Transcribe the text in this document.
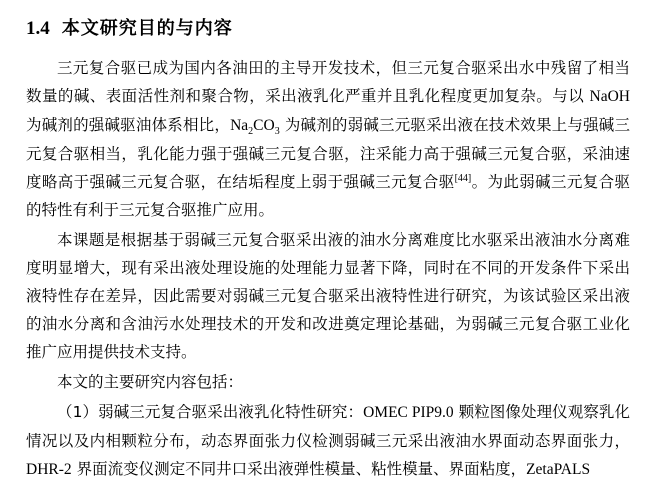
1.4 本文研究目的与内容

三元复合驱已成为国内各油田的主导开发技术，但三元复合驱采出水中残留了相当数量的碱、表面活性剂和聚合物，采出液乳化严重并且乳化程度更加复杂。与以 NaOH 为碱剂的强碱驱油体系相比，$Na_2CO_3$ 为碱剂的弱碱三元驱采出液在技术效果上与强碱三元复合驱相当，乳化能力强于强碱三元复合驱，注采能力高于强碱三元复合驱，采油速度略高于强碱三元复合驱，在结垢程度上弱于强碱三元复合驱[44]。为此弱碱三元复合驱的特性有利于三元复合驱推广应用。

本课题是根据基于弱碱三元复合驱采出液的油水分离难度比水驱采出液油水分离难度明显增大，现有采出液处理设施的处理能力显著下降，同时在不同的开发条件下采出液特性存在差异，因此需要对弱碱三元复合驱采出液特性进行研究，为该试验区采出液的油水分离和含油污水处理技术的开发和改进奠定理论基础，为弱碱三元复合驱工业化推广应用提供技术支持。

本文的主要研究内容包括：

（1）弱碱三元复合驱采出液乳化特性研究：OMEC PIP9.0 颗粒图像处理仪观察乳化情况以及内相颗粒分布，动态界面张力仪检测弱碱三元采出液油水界面动态界面张力，DHR-2 界面流变仪测定不同井口采出液弹性模量、粘性模量、界面粘度，ZetaPALS
